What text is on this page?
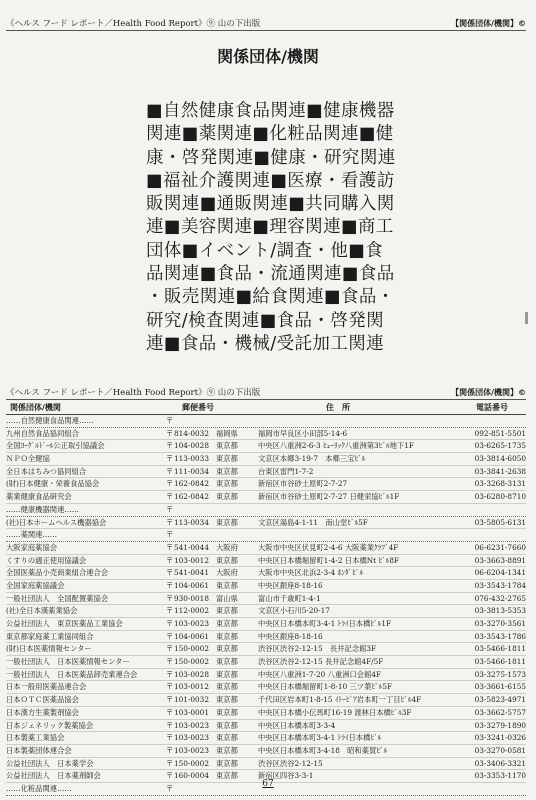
《ヘルス フード レポート／Health Food Report》⑨ 山の下出版	【関係団体/機関】©
関係団体/機関
■自然健康食品関連■健康機器
関連■薬関連■化粧品関連■健
康・啓発関連■健康・研究関連
■福祉介護関連■医療・看護訪
販関連■通販関連■共同購入関
連■美容関連■理容関連■商工
団体■イベント/調査・他■食
品関連■食品・流通関連■食品
・販売関連■給食関連■食品・
研究/検査関連■食品・啓発関
連■食品・機械/受託加工関連
《ヘルス フード レポート／Health Food Report》⑨ 山の下出版	【関係団体/機関】©
関係団体/機関	郵便番号	住　所	電話番号
……自然健康食品関連……	〒
九州自然食品協同組合	〒 814-0032 福岡県	福岡市早良区小田部5-14-6	092-851-5501
全国ﾖｰｸﾞﾙﾄﾞｰﾙ公正取引協議会	〒 104-0028 東京都	中央区八重洲2-6-3 ﾋｭｰﾘｯｸ八重洲第3ﾋﾞﾙ地下1F	03-6265-1735
ＮＰＯ全健協	〒 113-0033 東京都	文京区本郷3-19-7　本郷三宝ﾋﾞﾙ	03-3814-6050
全日本はちみつ協同組合	〒 111-0034 東京都	台東区雷門1-7-2	03-3841-2638
(財)日本健康・栄養食品協会	〒 162-0842 東京都	新宿区市谷砂土原町2-7-27	03-3268-3131
薬業健康食品研究会	〒 162-0842 東京都	新宿区市谷砂土原町2-7-27 日健栄協ﾋﾞﾙ1F	03-6280-8710
……健康機器関連……	〒
(社)日本ホームヘルス機器協会	〒 113-0034 東京都	文京区湯島4-1-11　南山堂ﾋﾞﾙ5F	03-5805-6131
……薬関連……	〒
大阪家庭薬協会	〒 541-0044 大阪府	大阪市中央区伏見町2-4-6 大阪薬業ｸﾗﾌﾞ4F	06-6231-7660
くすりの適正使用協議会	〒 103-0012 東京都	中央区日本橋堀留町1-4-2 日本橋Nt ﾋﾞﾙ8F	03-3663-8891
全国医薬品小売商業組合連合会	〒 541-0041 大阪府	大阪市中央区北浜2-3-4 ﾎﾝﾀﾞﾋﾞﾙ	06-6204-1341
全国家庭薬協議会	〒 104-0061 東京都	中央区銀座8-18-16	03-3543-1784
一般社団法人　全国配置薬協会	〒 930-0018 富山県	富山市千歳町1-4-1	076-432-2765
(社)全日本漢薬業協会	〒 112-0002 東京都	文京区小石川5-20-17	03-3813-5353
公益社団法人　東京医薬品工業協会	〒 103-0023 東京都	中央区日本橋本町3-4-1 ﾄﾗｲ日本橋ﾋﾞﾙ1F	03-3270-3561
東京都家庭薬工業協同組合	〒 104-0061 東京都	中央区銀座8-18-16	03-3543-1786
(財)日本医薬情報センター	〒 150-0002 東京都	渋谷区渋谷2-12-15　長井記念館3F	03-5466-1811
一般社団法人　日本医薬情報センター	〒 150-0002 東京都	渋谷区渋谷2-12-15 長井記念館4F/5F	03-5466-1811
一般社団法人　日本医薬品卸売業連合会	〒 103-0028 東京都	中央区八重洲1-7-20 八重洲口会館4F	03-3275-1573
日本一般用医薬品連合会	〒 103-0012 東京都	中央区日本橋堀留町1-8-10 三ツ葉ﾋﾞﾙ5F	03-3661-6155
日本ＯＴＣ医薬品協会	〒 101-0032 東京都	千代田区岩本町1-8-15 ｲﾄｰﾋﾟｱ岩本町一丁目ﾋﾞﾙ4F	03-5823-4971
日本漢方生薬製剤協会	〒 103-0001 東京都	中央区日本橋小伝馬町16-19 渡林日本橋ﾋﾞﾙ3F	03-3662-5757
日本ジェネリック製薬協会	〒 103-0023 東京都	中央区日本橋本町3-3-4	03-3279-1890
日本製薬工業協会	〒 103-0023 東京都	中央区日本橋本町3-4-1 ﾄﾗｲ日本橋ﾋﾞﾙ	03-3241-0326
日本製薬団体連合会	〒 103-0023 東京都	中央区日本橋本町3-4-18　昭和薬貿ﾋﾞﾙ	03-3270-0581
公益社団法人　日本薬学会	〒 150-0002 東京都	渋谷区渋谷2-12-15	03-3406-3321
公益社団法人　日本薬剤師会	〒 160-0004 東京都	新宿区四谷3-3-1	03-3353-1170
……化粧品関連……	〒	67
